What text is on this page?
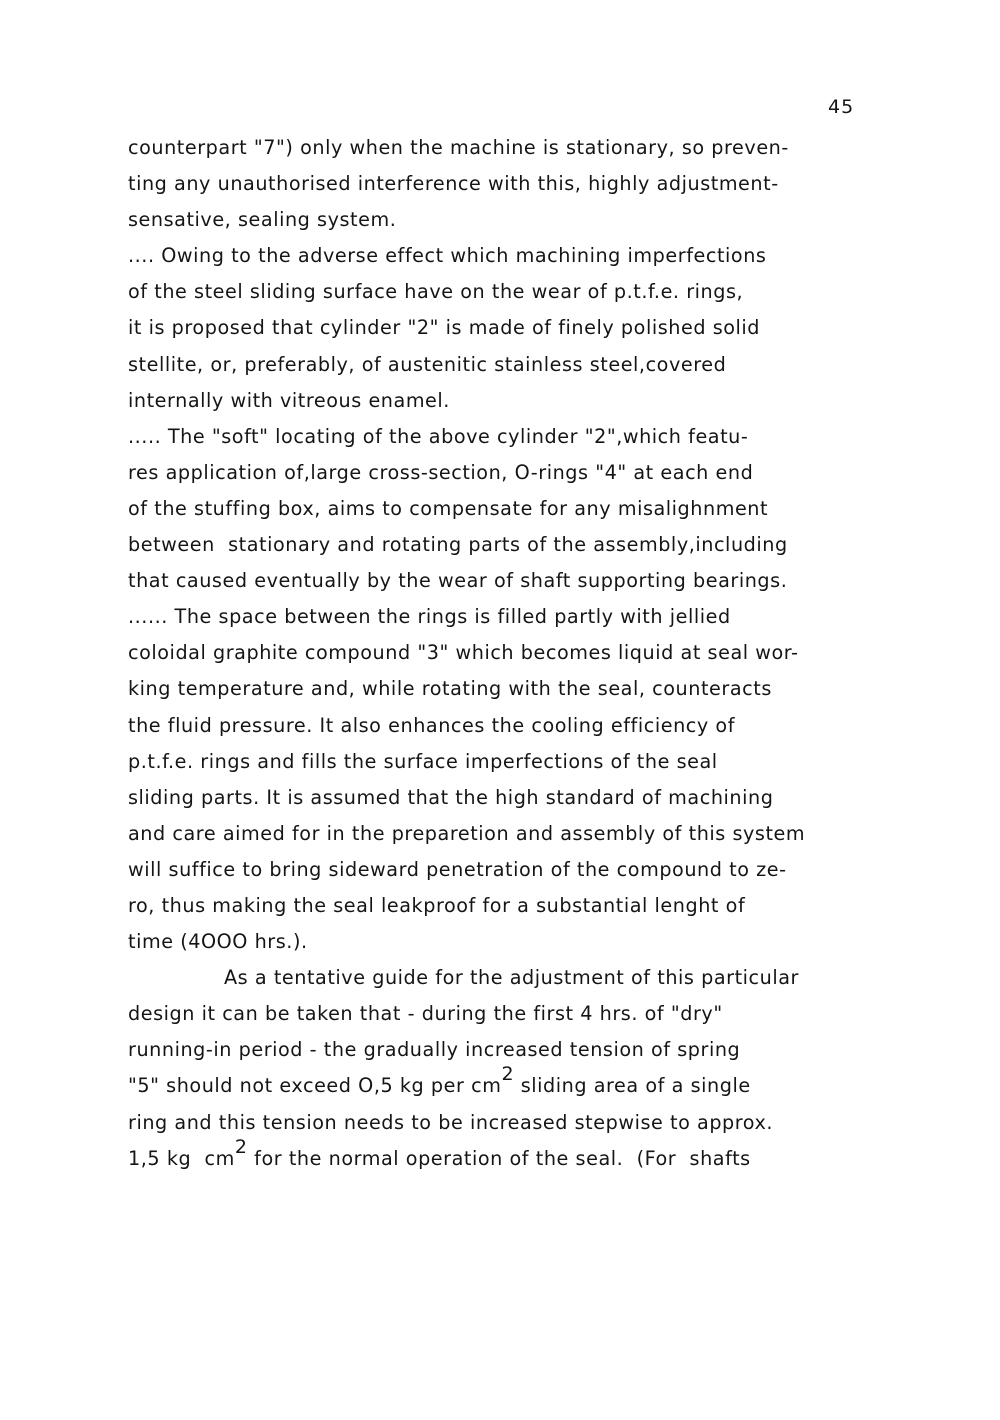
45
counterpart "7") only when the machine is stationary, so preven-
ting any unauthorised interference with this, highly adjustment-
sensative, sealing system.
.... Owing to the adverse effect which machining imperfections
of the steel sliding surface have on the wear of p.t.f.e. rings,
it is proposed that cylinder "2" is made of finely polished solid
stellite, or, preferably, of austenitic stainless steel,covered
internally with vitreous enamel.
..... The "soft" locating of the above cylinder "2",which featu-
res application of,large cross-section, O-rings "4" at each end
of the stuffing box, aims to compensate for any misalighnment
between  stationary and rotating parts of the assembly,including
that caused eventually by the wear of shaft supporting bearings.
...... The space between the rings is filled partly with jellied
coloidal graphite compound "3" which becomes liquid at seal wor-
king temperature and, while rotating with the seal, counteracts
the fluid pressure. It also enhances the cooling efficiency of
p.t.f.e. rings and fills the surface imperfections of the seal
sliding parts. It is assumed that the high standard of machining
and care aimed for in the preparetion and assembly of this system
will suffice to bring sideward penetration of the compound to ze-
ro, thus making the seal leakproof for a substantial lenght of
time (4OOO hrs.).
As a tentative guide for the adjustment of this particular
design it can be taken that - during the first 4 hrs. of "dry"
running-in period - the gradually increased tension of spring
"5" should not exceed O,5 kg per cm2 sliding area of a single
ring and this tension needs to be increased stepwise to approx.
1,5 kg  cm2 for the normal operation of the seal.  (For  shafts
